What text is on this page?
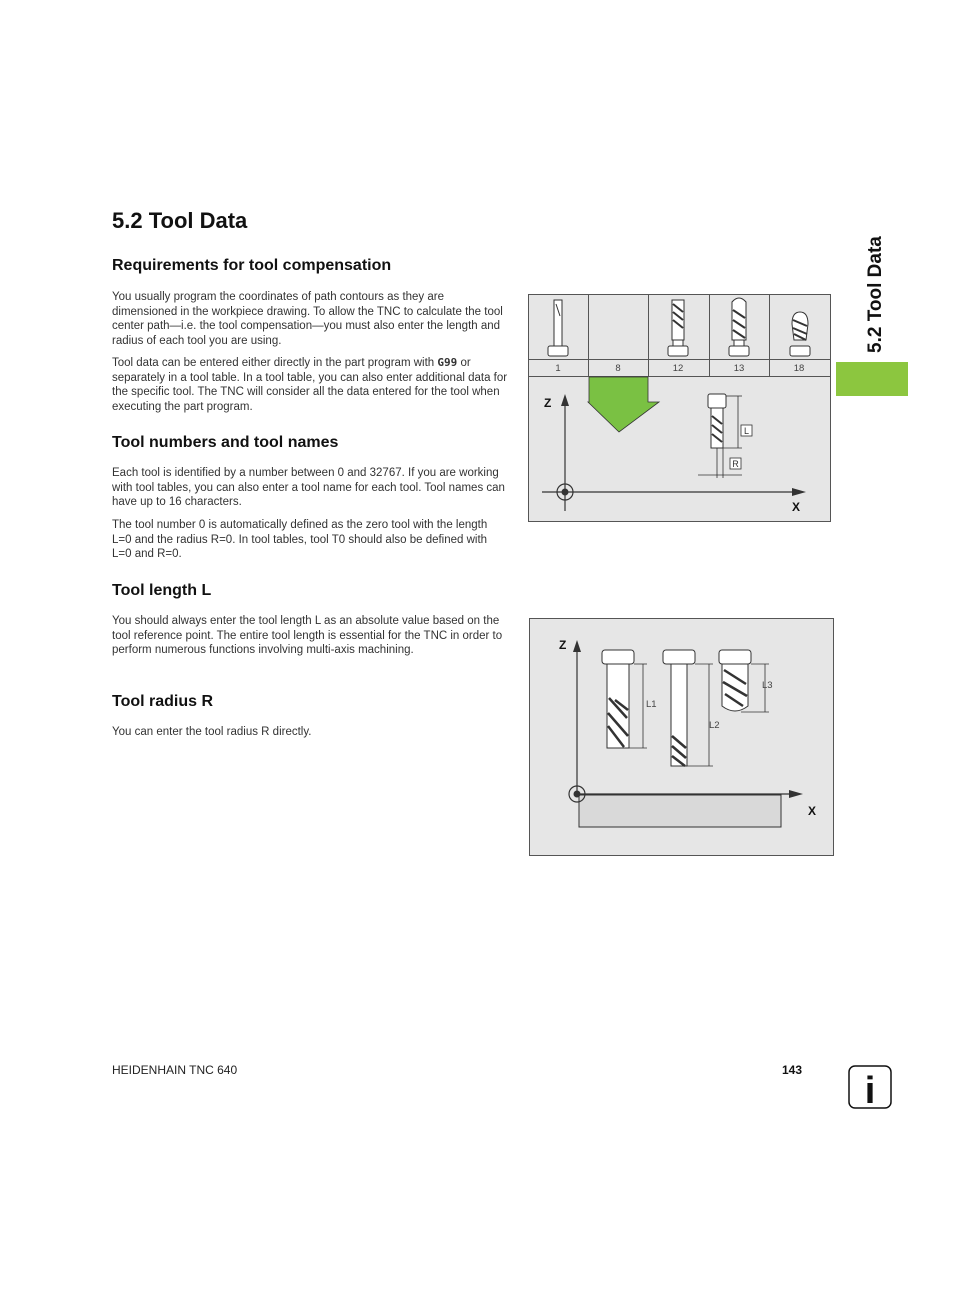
5.2 Tool Data
Requirements for tool compensation
You usually program the coordinates of path contours as they are dimensioned in the workpiece drawing. To allow the TNC to calculate the tool center path—i.e. the tool compensation—you must also enter the length and radius of each tool you are using.
Tool data can be entered either directly in the part program with G99 or separately in a tool table. In a tool table, you can also enter additional data for the specific tool. The TNC will consider all the data entered for the tool when executing the part program.
Tool numbers and tool names
Each tool is identified by a number between 0 and 32767. If you are working with tool tables, you can also enter a tool name for each tool. Tool names can have up to 16 characters.
The tool number 0 is automatically defined as the zero tool with the length L=0 and the radius R=0. In tool tables, tool T0 should also be defined with L=0 and R=0.
Tool length L
You should always enter the tool length L as an absolute value based on the tool reference point. The entire tool length is essential for the TNC in order to perform numerous functions involving multi-axis machining.
Tool radius R
You can enter the tool radius R directly.
5.2 Tool Data
1	8	12	13	18
Z
X
L
R
Z
X
L1
L2
L3
HEIDENHAIN TNC 640	143 i
